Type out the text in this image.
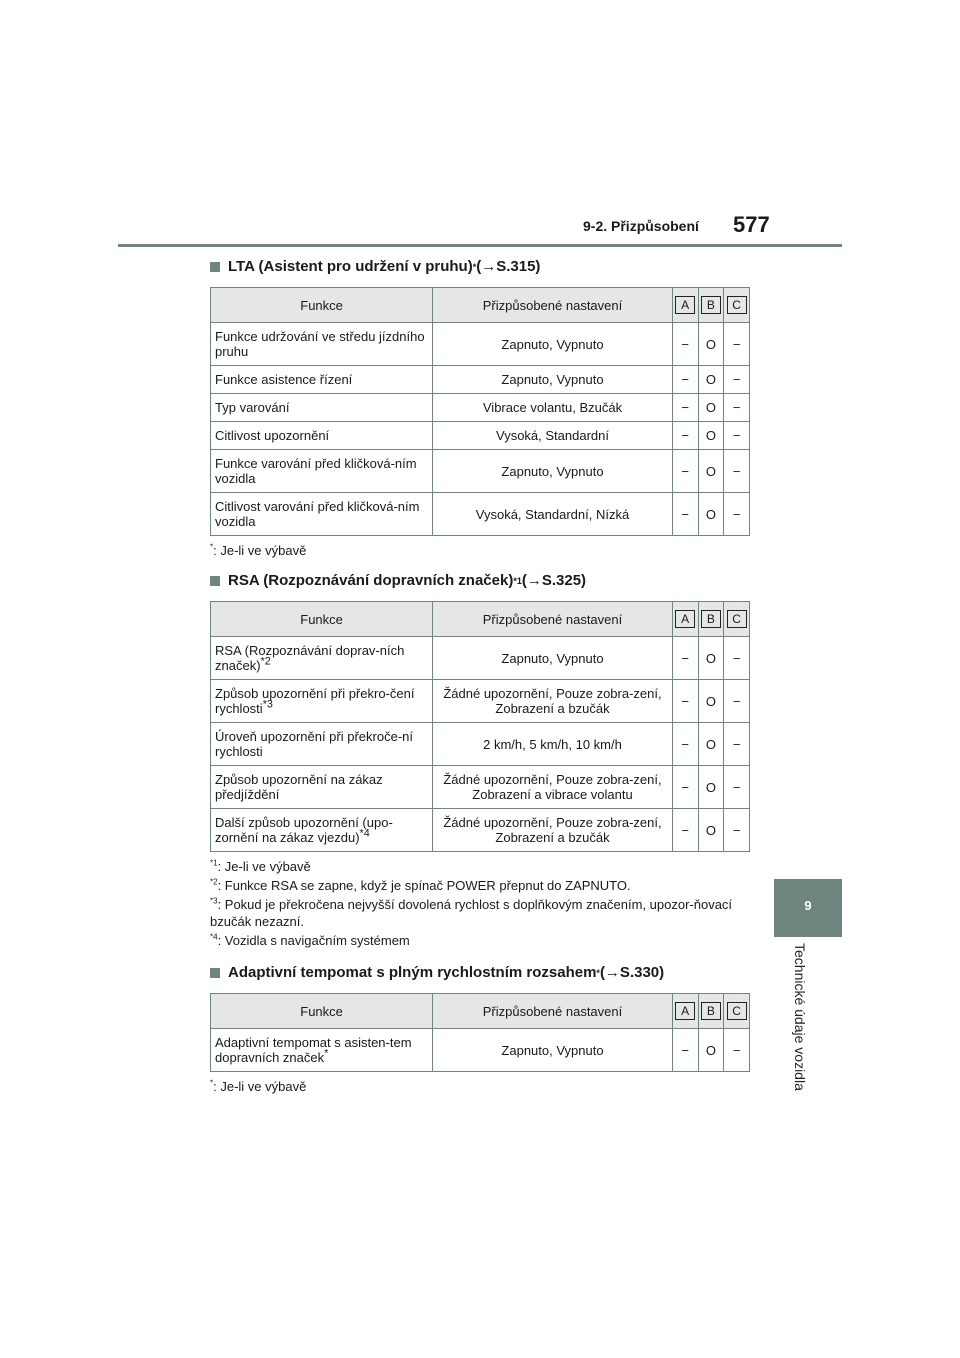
9-2. Přizpůsobení 577
9
Technické údaje vozidla
LTA (Asistent pro udržení v pruhu) * (→S.315)
Funkce	Přizpůsobené nastavení	A	B	C
Funkce udržování ve středu jízdního pruhu	Zapnuto, Vypnuto	−	O	−
Funkce asistence řízení	Zapnuto, Vypnuto	−	O	−
Typ varování	Vibrace volantu, Bzučák	−	O	−
Citlivost upozornění	Vysoká, Standardní	−	O	−
Funkce varování před kličková-ním vozidla	Zapnuto, Vypnuto	−	O	−
Citlivost varování před kličková-ním vozidla	Vysoká, Standardní, Nízká	−	O	−
*: Je-li ve výbavě
RSA (Rozpoznávání dopravních značek) *1 (→S.325)
Funkce	Přizpůsobené nastavení	A	B	C
RSA (Rozpoznávání doprav-ních značek)$^{*2}$	Zapnuto, Vypnuto	−	O	−
Způsob upozornění při překro-čení rychlosti$^{*3}$	Žádné upozornění, Pouze zobra-zení, Zobrazení a bzučák	−	O	−
Úroveň upozornění při překroče-ní rychlosti	2 km/h, 5 km/h, 10 km/h	−	O	−
Způsob upozornění na zákaz předjíždění	Žádné upozornění, Pouze zobra-zení, Zobrazení a vibrace volantu	−	O	−
Další způsob upozornění (upo-zornění na zákaz vjezdu)$^{*4}$	Žádné upozornění, Pouze zobra-zení, Zobrazení a bzučák	−	O	−
$^{*1}$: Je-li ve výbavě
$^{*2}$: Funkce RSA se zapne, když je spínač POWER přepnut do ZAPNUTO.
$^{*3}$: Pokud je překročena nejvyšší dovolená rychlost s doplňkovým značením, upozor-ňovací bzučák nezazní.
$^{*4}$: Vozidla s navigačním systémem
Adaptivní tempomat s plným rychlostním rozsahem * (→S.330)
Funkce	Přizpůsobené nastavení	A	B	C
Adaptivní tempomat s asisten-tem dopravních značek*	Zapnuto, Vypnuto	−	O	−
*: Je-li ve výbavě
